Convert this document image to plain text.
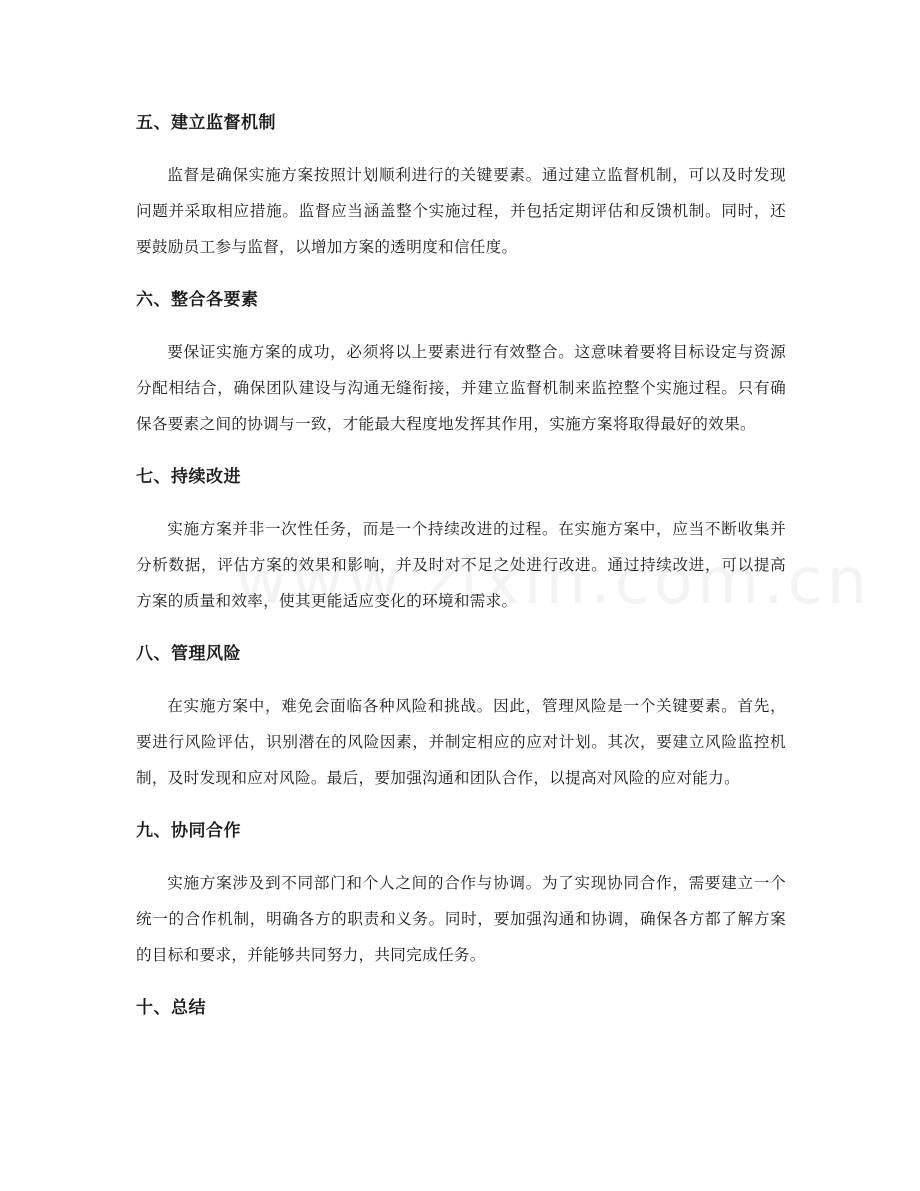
五、建立监督机制

监督是确保实施方案按照计划顺利进行的关键要素。通过建立监督机制，可以及时发现问题并采取相应措施。监督应当涵盖整个实施过程，并包括定期评估和反馈机制。同时，还要鼓励员工参与监督，以增加方案的透明度和信任度。

六、整合各要素

要保证实施方案的成功，必须将以上要素进行有效整合。这意味着要将目标设定与资源分配相结合，确保团队建设与沟通无缝衔接，并建立监督机制来监控整个实施过程。只有确保各要素之间的协调与一致，才能最大程度地发挥其作用，实施方案将取得最好的效果。

七、持续改进

实施方案并非一次性任务，而是一个持续改进的过程。在实施方案中，应当不断收集并分析数据，评估方案的效果和影响，并及时对不足之处进行改进。通过持续改进，可以提高方案的质量和效率，使其更能适应变化的环境和需求。

八、管理风险

在实施方案中，难免会面临各种风险和挑战。因此，管理风险是一个关键要素。首先，要进行风险评估，识别潜在的风险因素，并制定相应的应对计划。其次，要建立风险监控机制，及时发现和应对风险。最后，要加强沟通和团队合作，以提高对风险的应对能力。

九、协同合作

实施方案涉及到不同部门和个人之间的合作与协调。为了实现协同合作，需要建立一个统一的合作机制，明确各方的职责和义务。同时，要加强沟通和协调，确保各方都了解方案的目标和要求，并能够共同努力，共同完成任务。

十、总结
